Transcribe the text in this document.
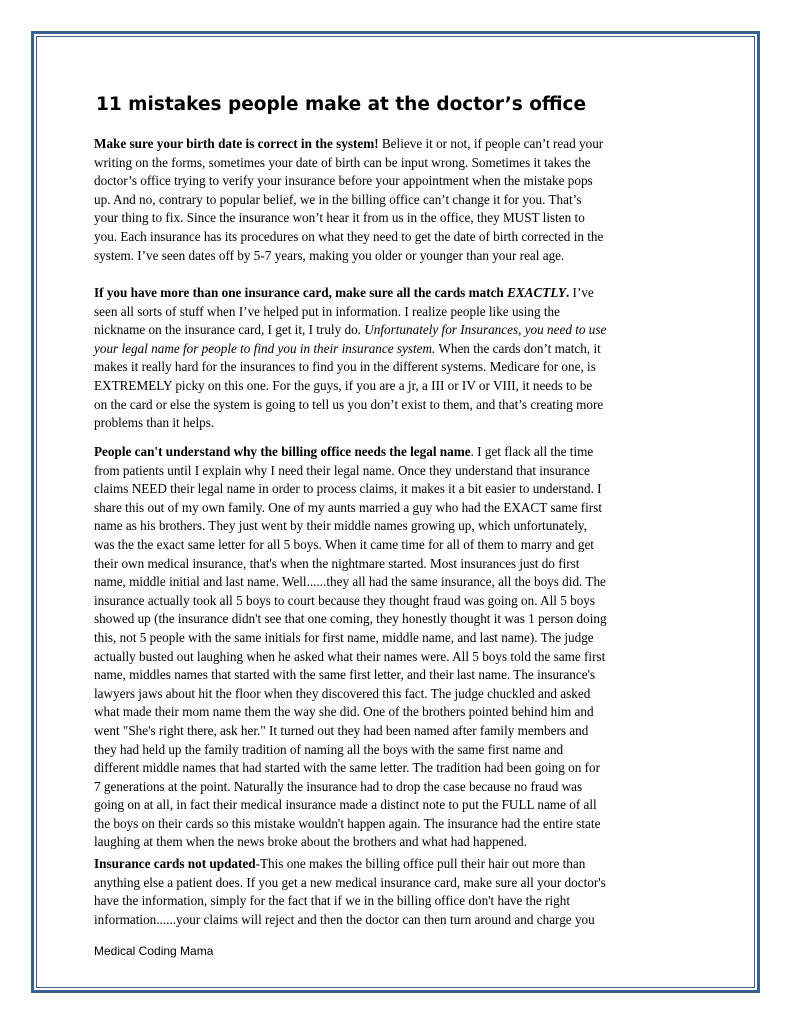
11 mistakes people make at the doctor’s office
Make sure your birth date is correct in the system! Believe it or not, if people can’t read your
writing on the forms, sometimes your date of birth can be input wrong. Sometimes it takes the
doctor’s office trying to verify your insurance before your appointment when the mistake pops
up. And no, contrary to popular belief, we in the billing office can’t change it for you. That’s
your thing to fix. Since the insurance won’t hear it from us in the office, they MUST listen to
you. Each insurance has its procedures on what they need to get the date of birth corrected in the
system. I’ve seen dates off by 5-7 years, making you older or younger than your real age.
If you have more than one insurance card, make sure all the cards match EXACTLY. I’ve
seen all sorts of stuff when I’ve helped put in information. I realize people like using the
nickname on the insurance card, I get it, I truly do. Unfortunately for Insurances, you need to use
your legal name for people to find you in their insurance system. When the cards don’t match, it
makes it really hard for the insurances to find you in the different systems. Medicare for one, is
EXTREMELY picky on this one. For the guys, if you are a jr, a III or IV or VIII, it needs to be
on the card or else the system is going to tell us you don’t exist to them, and that’s creating more
problems than it helps.
People can't understand why the billing office needs the legal name. I get flack all the time
from patients until I explain why I need their legal name. Once they understand that insurance
claims NEED their legal name in order to process claims, it makes it a bit easier to understand. I
share this out of my own family. One of my aunts married a guy who had the EXACT same first
name as his brothers. They just went by their middle names growing up, which unfortunately,
was the the exact same letter for all 5 boys. When it came time for all of them to marry and get
their own medical insurance, that's when the nightmare started. Most insurances just do first
name, middle initial and last name. Well......they all had the same insurance, all the boys did. The
insurance actually took all 5 boys to court because they thought fraud was going on. All 5 boys
showed up (the insurance didn't see that one coming, they honestly thought it was 1 person doing
this, not 5 people with the same initials for first name, middle name, and last name). The judge
actually busted out laughing when he asked what their names were. All 5 boys told the same first
name, middles names that started with the same first letter, and their last name. The insurance's
lawyers jaws about hit the floor when they discovered this fact. The judge chuckled and asked
what made their mom name them the way she did. One of the brothers pointed behind him and
went "She's right there, ask her." It turned out they had been named after family members and
they had held up the family tradition of naming all the boys with the same first name and
different middle names that had started with the same letter. The tradition had been going on for
7 generations at the point. Naturally the insurance had to drop the case because no fraud was
going on at all, in fact their medical insurance made a distinct note to put the FULL name of all
the boys on their cards so this mistake wouldn't happen again. The insurance had the entire state
laughing at them when the news broke about the brothers and what had happened.
Insurance cards not updated-This one makes the billing office pull their hair out more than
anything else a patient does. If you get a new medical insurance card, make sure all your doctor's
have the information, simply for the fact that if we in the billing office don't have the right
information......your claims will reject and then the doctor can then turn around and charge you
Medical Coding Mama
